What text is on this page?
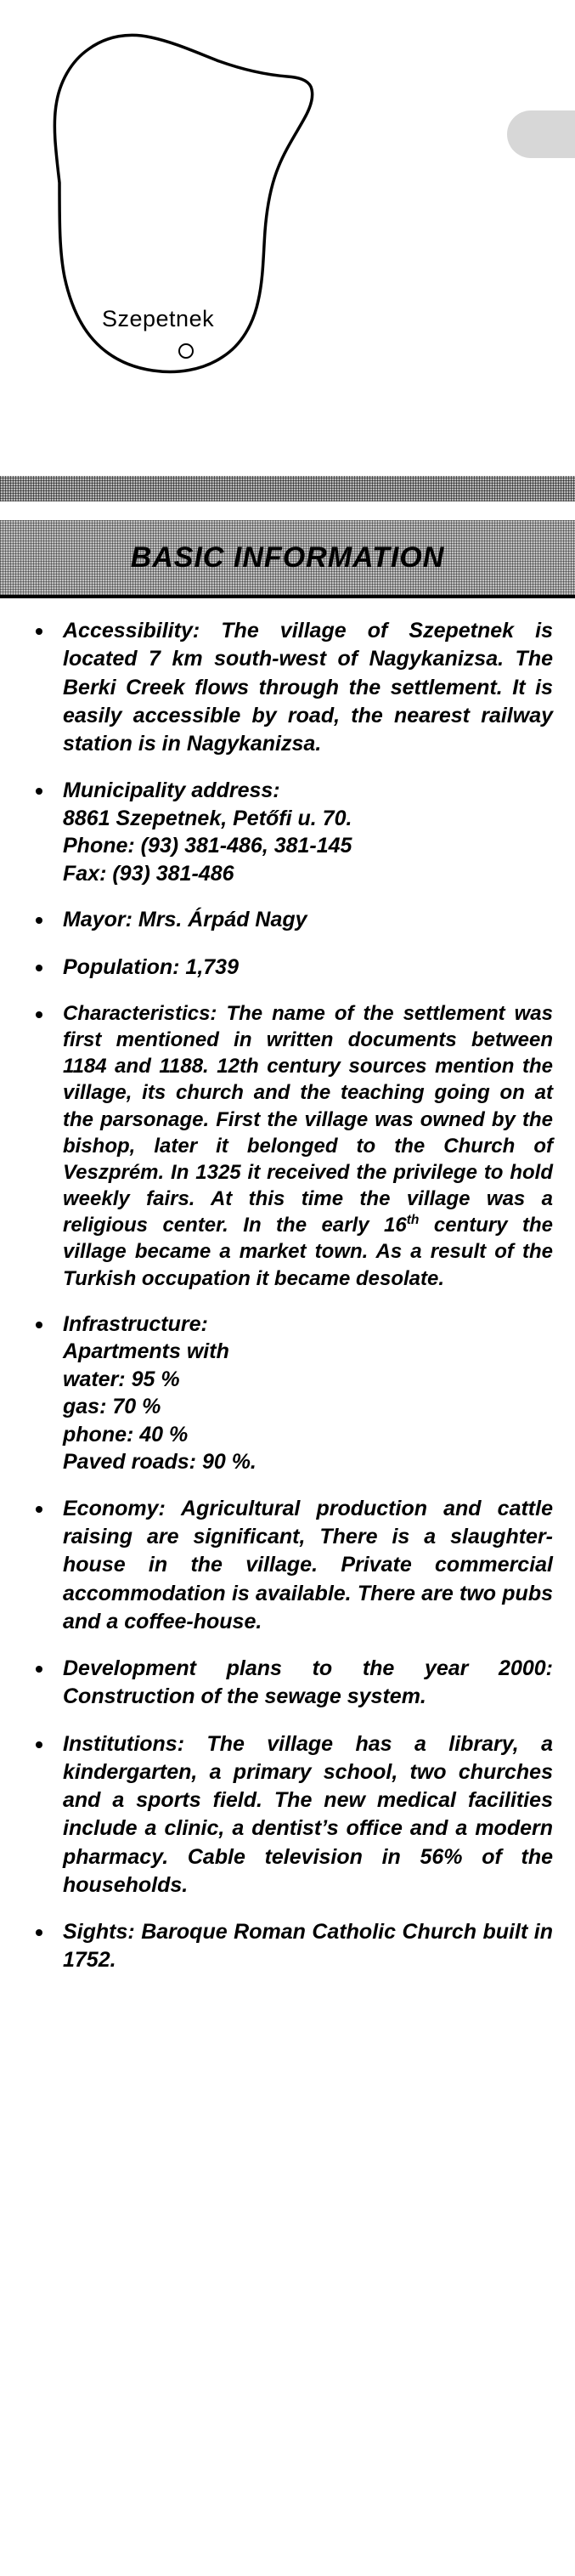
Szepetnek
BASIC INFORMATION

Accessibility: The village of Szepetnek is located 7 km south-west of Nagykanizsa. The Berki Creek flows through the settlement. It is easily accessible by road, the nearest railway station is in Nagykanizsa.

Municipality address:

8861 Szepetnek, Petőfi u. 70.

Phone: (93) 381-486, 381-145

Fax: (93) 381-486

Mayor: Mrs. Árpád Nagy

Population: 1,739

Characteristics: The name of the settlement was first mentioned in written documents between 1184 and 1188. 12th century sources mention the village, its church and the teaching going on at the parsonage. First the village was owned by the bishop, later it belonged to the Church of Veszprém. In 1325 it received the privilege to hold weekly fairs. At this time the village was a religious center. In the early 16th century the village became a market town. As a result of the Turkish occupation it became desolate.

Infrastructure:

Apartments with

water: 95 %

gas: 70 %

phone: 40 %

Paved roads: 90 %.

Economy: Agricultural production and cattle raising are significant, There is a slaughter-house in the village. Private commercial accommodation is available. There are two pubs and a coffee-house.

Development plans to the year 2000: Construction of the sewage system.

Institutions: The village has a library, a kindergarten, a primary school, two churches and a sports field. The new medical facilities include a clinic, a dentist’s office and a modern pharmacy. Cable television in 56% of the households.

Sights: Baroque Roman Catholic Church built in 1752.
